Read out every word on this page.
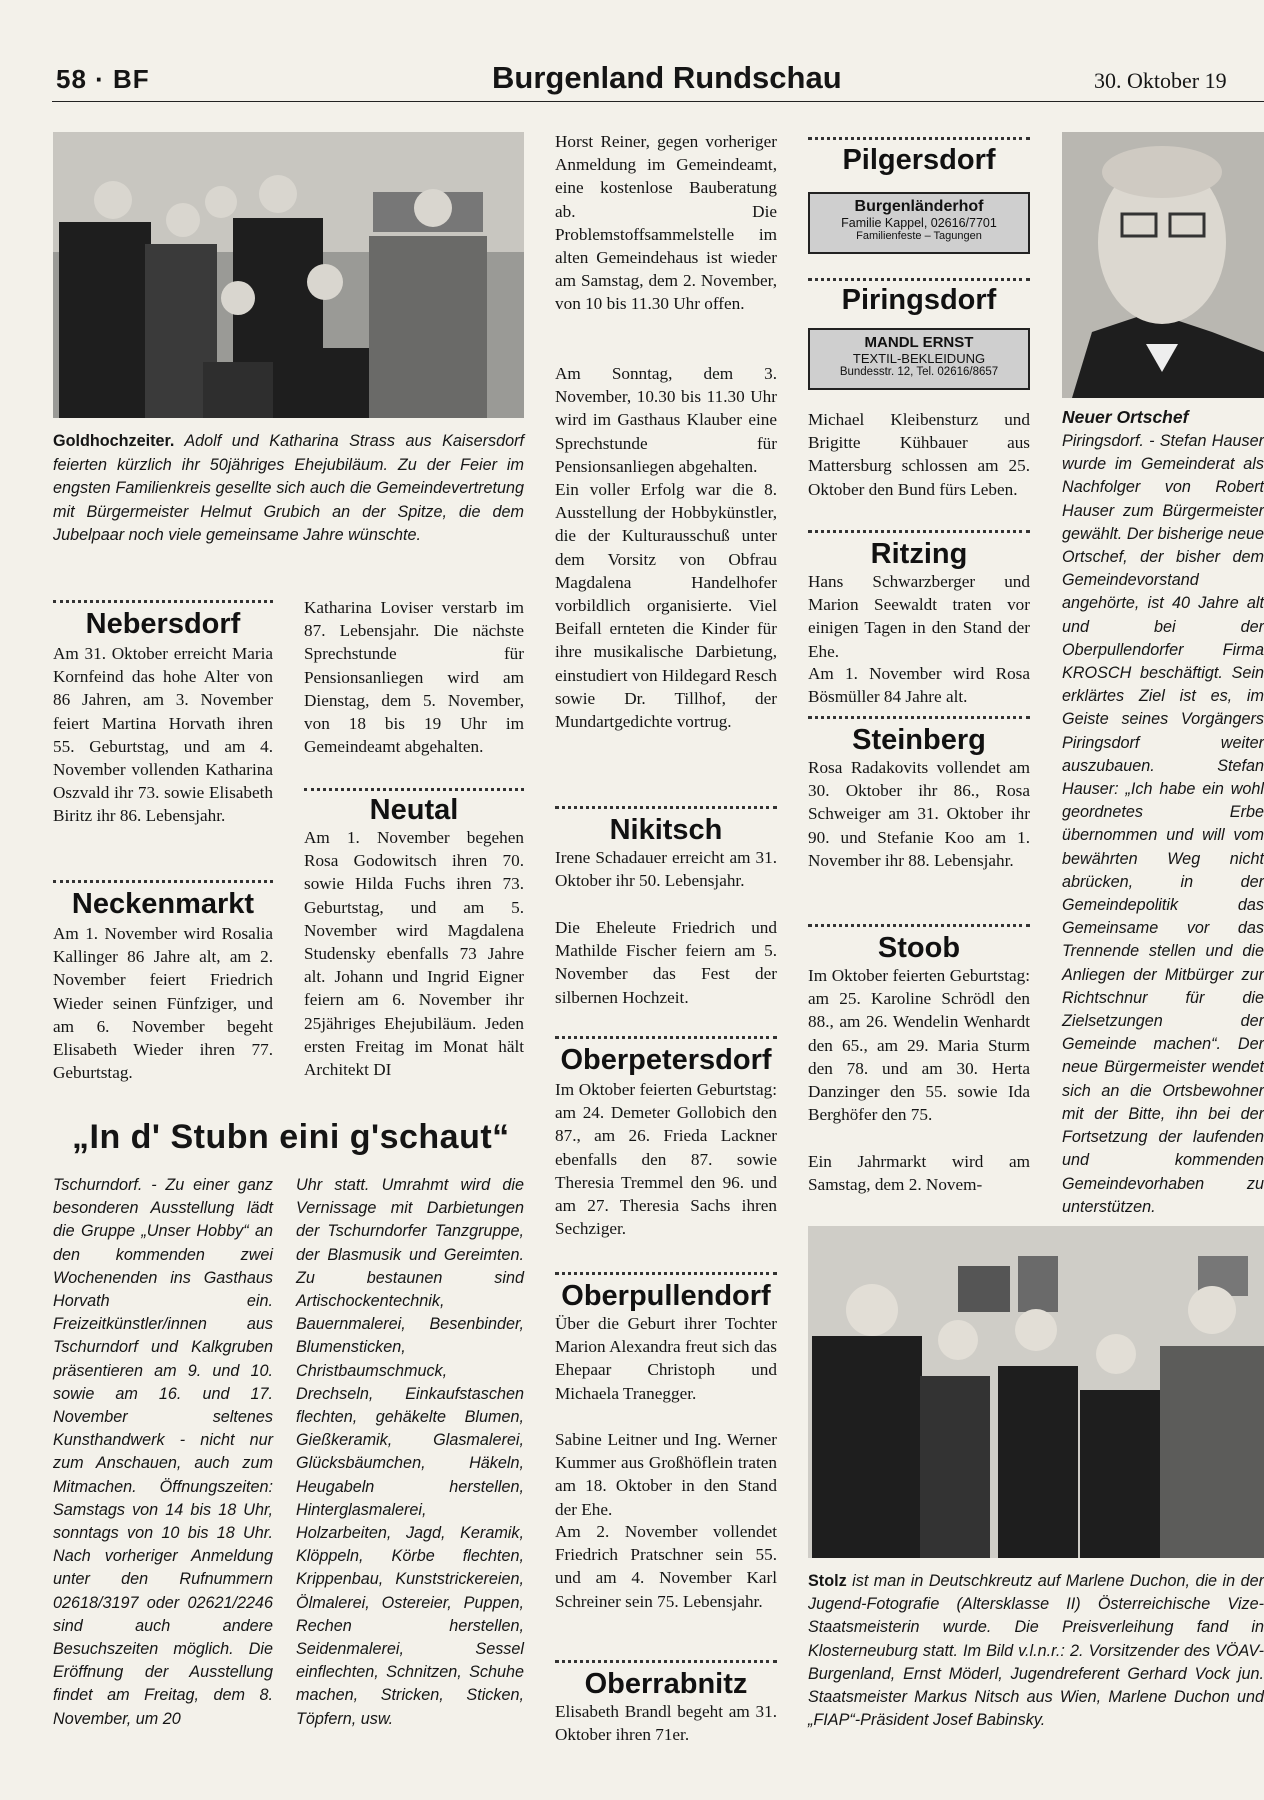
58 · BF	Burgenland Rundschau	30. Oktober 19
Goldhochzeiter. Adolf und Katharina Strass aus Kaisersdorf feierten kürzlich ihr 50jähriges Ehejubiläum. Zu der Feier im engsten Familienkreis gesellte sich auch die Gemeindevertretung mit Bürgermeister Helmut Grubich an der Spitze, die dem Jubelpaar noch viele gemeinsame Jahre wünschte.
Nebersdorf
Am 31. Oktober erreicht Maria Kornfeind das hohe Alter von 86 Jahren, am 3. November feiert Martina Horvath ihren 55. Geburtstag, und am 4. November vollenden Katharina Oszvald ihr 73. sowie Elisabeth Biritz ihr 86. Lebensjahr.
Neckenmarkt
Am 1. November wird Rosalia Kallinger 86 Jahre alt, am 2. November feiert Friedrich Wieder seinen Fünfziger, und am 6. November begeht Elisabeth Wieder ihren 77. Geburtstag.
Katharina Loviser verstarb im 87. Lebensjahr. Die nächste Sprechstunde für Pensionsanliegen wird am Dienstag, dem 5. November, von 18 bis 19 Uhr im Gemeindeamt abgehalten.
Neutal
Am 1. November begehen Rosa Godowitsch ihren 70. sowie Hilda Fuchs ihren 73. Geburtstag, und am 5. November wird Magdalena Studensky ebenfalls 73 Jahre alt. Johann und Ingrid Eigner feiern am 6. November ihr 25jähriges Ehejubiläum. Jeden ersten Freitag im Monat hält Architekt DI
„In d' Stubn eini g'schaut“
Tschurndorf. - Zu einer ganz besonderen Ausstellung lädt die Gruppe „Unser Hobby“ an den kommenden zwei Wochenenden ins Gasthaus Horvath ein. Freizeitkünstler/innen aus Tschurndorf und Kalkgruben präsentieren am 9. und 10. sowie am 16. und 17. November seltenes Kunsthandwerk - nicht nur zum Anschauen, auch zum Mitmachen. Öffnungszeiten: Samstags von 14 bis 18 Uhr, sonntags von 10 bis 18 Uhr. Nach vorheriger Anmeldung unter den Rufnummern 02618/3197 oder 02621/2246 sind auch andere Besuchszeiten möglich. Die Eröffnung der Ausstellung findet am Freitag, dem 8. November, um 20
Uhr statt. Umrahmt wird die Vernissage mit Darbietungen der Tschurndorfer Tanzgruppe, der Blasmusik und Gereimten. Zu bestaunen sind Artischockentechnik, Bauernmalerei, Besenbinder, Blumensticken, Christbaumschmuck, Drechseln, Einkaufstaschen flechten, gehäkelte Blumen, Gießkeramik, Glasmalerei, Glücksbäumchen, Häkeln, Heugabeln herstellen, Hinterglasmalerei, Holzarbeiten, Jagd, Keramik, Klöppeln, Körbe flechten, Krippenbau, Kunststrickereien, Ölmalerei, Ostereier, Puppen, Rechen herstellen, Seidenmalerei, Sessel einflechten, Schnitzen, Schuhe machen, Stricken, Sticken, Töpfern, usw.
Horst Reiner, gegen vorheriger Anmeldung im Gemeindeamt, eine kostenlose Bauberatung ab. Die Problemstoffsammelstelle im alten Gemeindehaus ist wieder am Samstag, dem 2. November, von 10 bis 11.30 Uhr offen.
Am Sonntag, dem 3. November, 10.30 bis 11.30 Uhr wird im Gasthaus Klauber eine Sprechstunde für Pensionsanliegen abgehalten.
Ein voller Erfolg war die 8. Ausstellung der Hobbykünstler, die der Kulturausschuß unter dem Vorsitz von Obfrau Magdalena Handelhofer vorbildlich organisierte. Viel Beifall ernteten die Kinder für ihre musikalische Darbietung, einstudiert von Hildegard Resch sowie Dr. Tillhof, der Mundartgedichte vortrug.
Nikitsch
Irene Schadauer erreicht am 31. Oktober ihr 50. Lebensjahr.
Die Eheleute Friedrich und Mathilde Fischer feiern am 5. November das Fest der silbernen Hochzeit.
Oberpetersdorf
Im Oktober feierten Geburtstag: am 24. Demeter Gollobich den 87., am 26. Frieda Lackner ebenfalls den 87. sowie Theresia Tremmel den 96. und am 27. Theresia Sachs ihren Sechziger.
Oberpullendorf
Über die Geburt ihrer Tochter Marion Alexandra freut sich das Ehepaar Christoph und Michaela Tranegger.
Sabine Leitner und Ing. Werner Kummer aus Großhöflein traten am 18. Oktober in den Stand der Ehe.
Am 2. November vollendet Friedrich Pratschner sein 55. und am 4. November Karl Schreiner sein 75. Lebensjahr.
Oberrabnitz
Elisabeth Brandl begeht am 31. Oktober ihren 71er.
Pilgersdorf
Burgenländerhof
Familie Kappel, 02616/7701
Familienfeste – Tagungen
Piringsdorf
MANDL ERNST
TEXTIL-BEKLEIDUNG
Bundesstr. 12, Tel. 02616/8657
Michael Kleibensturz und Brigitte Kühbauer aus Mattersburg schlossen am 25. Oktober den Bund fürs Leben.
Ritzing
Hans Schwarzberger und Marion Seewaldt traten vor einigen Tagen in den Stand der Ehe.
Am 1. November wird Rosa Bösmüller 84 Jahre alt.
Steinberg
Rosa Radakovits vollendet am 30. Oktober ihr 86., Rosa Schweiger am 31. Oktober ihr 90. und Stefanie Koo am 1. November ihr 88. Lebensjahr.
Stoob
Im Oktober feierten Geburtstag: am 25. Karoline Schrödl den 88., am 26. Wendelin Wenhardt den 65., am 29. Maria Sturm den 78. und am 30. Herta Danzinger den 55. sowie Ida Berghöfer den 75.
Ein Jahrmarkt wird am Samstag, dem 2. Novem-
Neuer Ortschef
Piringsdorf. - Stefan Hauser wurde im Gemeinderat als Nachfolger von Robert Hauser zum Bürgermeister gewählt. Der bisherige neue Ortschef, der bisher dem Gemeindevorstand angehörte, ist 40 Jahre alt und bei der Oberpullendorfer Firma KROSCH beschäftigt. Sein erklärtes Ziel ist es, im Geiste seines Vorgängers Piringsdorf weiter auszubauen. Stefan Hauser: „Ich habe ein wohl geordnetes Erbe übernommen und will vom bewährten Weg nicht abrücken, in der Gemeindepolitik das Gemeinsame vor das Trennende stellen und die Anliegen der Mitbürger zur Richtschnur für die Zielsetzungen der Gemeinde machen“. Der neue Bürgermeister wendet sich an die Ortsbewohner mit der Bitte, ihn bei der Fortsetzung der laufenden und kommenden Gemeindevorhaben zu unterstützen.
Stolz ist man in Deutschkreutz auf Marlene Duchon, die in der Jugend-Fotografie (Altersklasse II) Österreichische Vize-Staatsmeisterin wurde. Die Preisverleihung fand in Klosterneuburg statt. Im Bild v.l.n.r.: 2. Vorsitzender des VÖAV-Burgenland, Ernst Möderl, Jugendreferent Gerhard Vock jun. Staatsmeister Markus Nitsch aus Wien, Marlene Duchon und „FIAP“-Präsident Josef Babinsky.
